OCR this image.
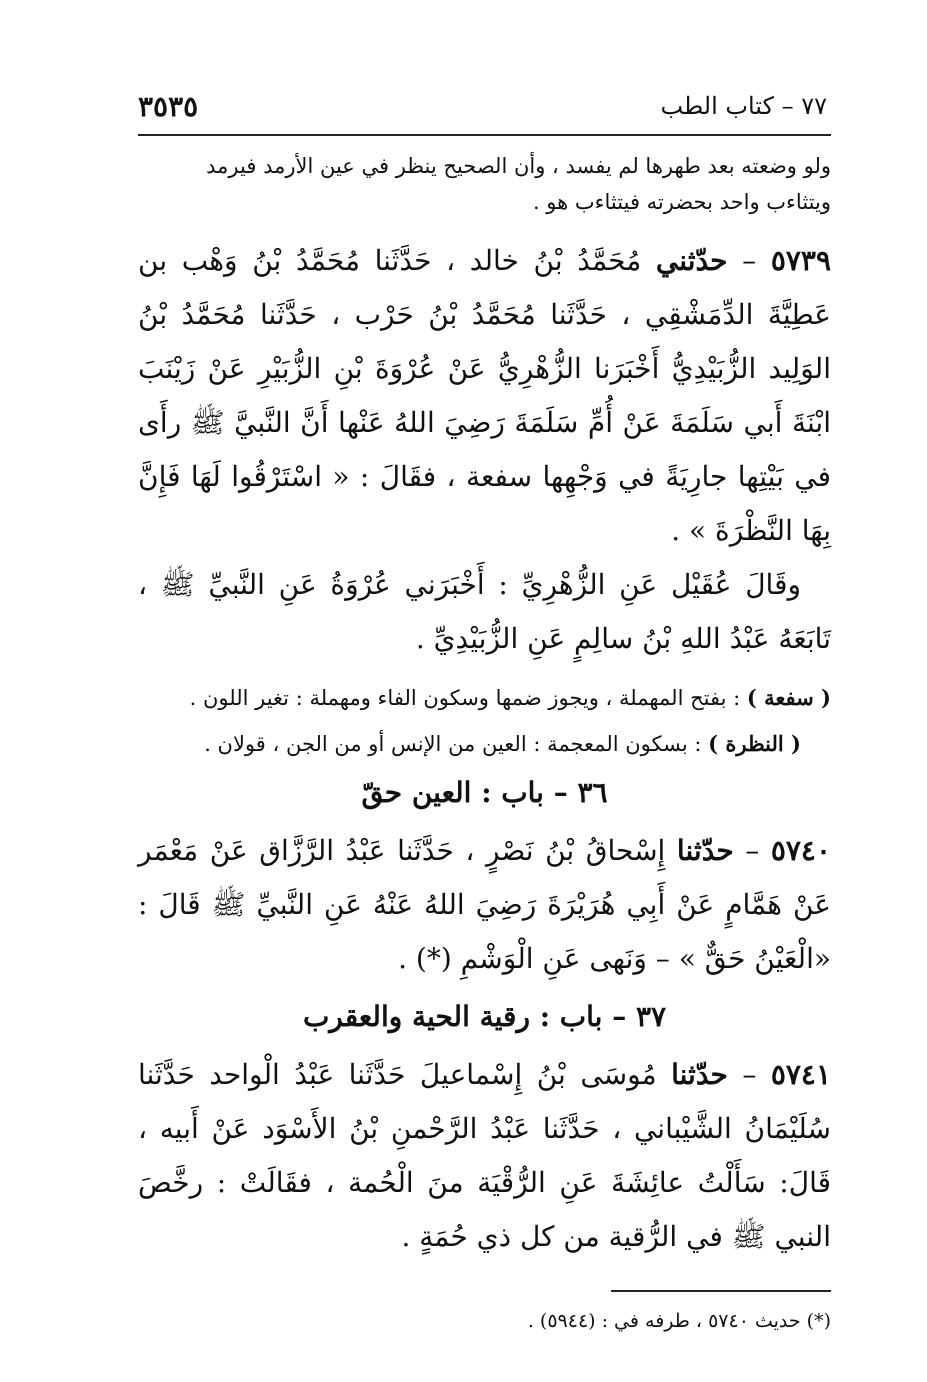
٧٧ – كتاب الطب
٣٥٣٥

ولو وضعته بعد طهرها لم يفسد ، وأن الصحيح ينظر في عين الأرمد فيرمد

ويتثاءب واحد بحضرته فيتثاءب هو .

٥٧٣٩ – حدّثني مُحَمَّدُ بْنُ خالد ، حَدَّثَنا مُحَمَّدُ بْنُ وَهْب بن عَطِيَّةَ الدِّمَشْقِي ، حَدَّثَنا مُحَمَّدُ بْنُ حَرْب ، حَدَّثَنا مُحَمَّدُ بْنُ الوَلِيد الزُّبَيْدِيُّ أَخْبَرَنا الزُّهْرِيُّ عَنْ عُرْوَةَ بْنِ الزُّبَيْرِ عَنْ زَيْنَبَ ابْنَةَ أَبي سَلَمَةَ عَنْ أُمِّ سَلَمَةَ رَضِيَ اللهُ عَنْها أَنَّ النَّبيَّ ﷺ رأَى في بَيْتِها جارِيَةً في وَجْهِها سفعة ، فقَالَ : « اسْتَرْقُوا لَهَا فَإِنَّ بِهَا النَّظْرَةَ » .

وقَالَ عُقَيْل عَنِ الزُّهْرِيِّ : أَخْبَرَني عُرْوَةُ عَنِ النَّبيِّ ﷺ ، تَابَعَهُ عَبْدُ اللهِ بْنُ سالِمٍ عَنِ الزُّبَيْدِيِّ .

( سفعة ) : بفتح المهملة ، ويجوز ضمها وسكون الفاء ومهملة : تغير اللون .

( النظرة ) : بسكون المعجمة : العين من الإنس أو من الجن ، قولان .

٣٦ – باب : العين حقّ

٥٧٤٠ – حدّثنا إِسْحاقُ بْنُ نَصْرٍ ، حَدَّثَنا عَبْدُ الرَّزَّاق عَنْ مَعْمَر عَنْ هَمَّامٍ عَنْ أَبِي هُرَيْرَةَ رَضِيَ اللهُ عَنْهُ عَنِ النَّبيِّ ﷺ قَالَ : «الْعَيْنُ حَقٌّ » – وَنَهى عَنِ الْوَشْمِ (*) .

٣٧ – باب : رقية الحية والعقرب

٥٧٤١ – حدّثنا مُوسَى بْنُ إِسْماعيلَ حَدَّثَنا عَبْدُ الْواحد حَدَّثَنا سُلَيْمَانُ الشَّيْباني ، حَدَّثَنا عَبْدُ الرَّحْمنِ بْنُ الأَسْوَد عَنْ أَبيه ، قَالَ: سَأَلْتُ عائِشَةَ عَنِ الرُّقْيَة منَ الْحُمة ، فقَالَتْ : رخَّصَ النبي ﷺ في الرُّقية من كل ذي حُمَةٍ .

(*) حديث ٥٧٤٠ ، طرفه في : (٥٩٤٤) .
